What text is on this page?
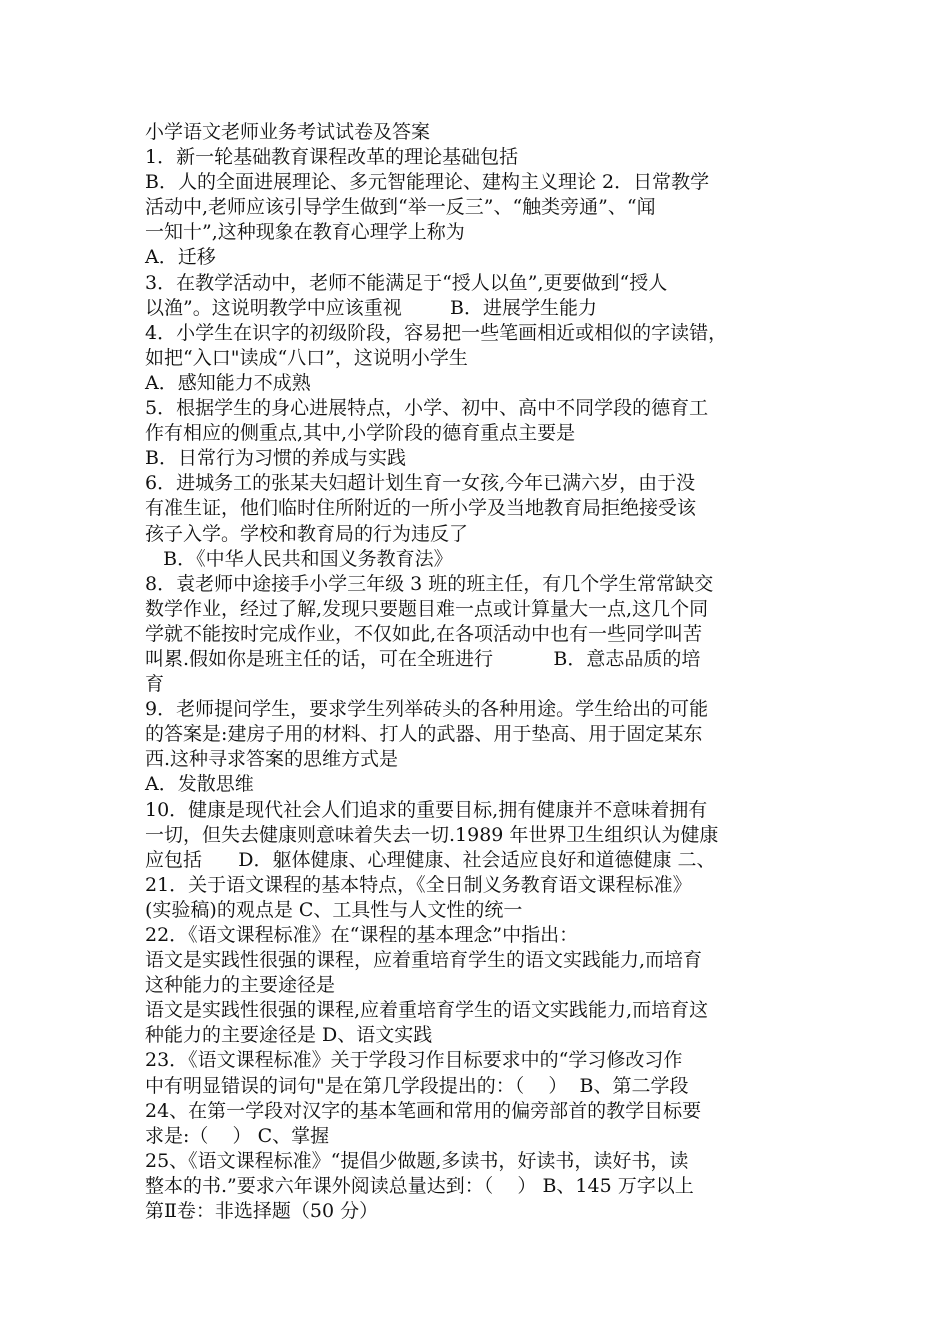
小学语文老师业务考试试卷及答案
1．新一轮基础教育课程改革的理论基础包括
B．人的全面进展理论、多元智能理论、建构主义理论 2．日常教学
活动中,老师应该引导学生做到“举一反三”、“触类旁通”、“闻
一知十”,这种现象在教育心理学上称为
A．迁移
3．在教学活动中，老师不能满足于“授人以鱼”,更要做到“授人
以渔”。这说明教学中应该重视        B．进展学生能力
4．小学生在识字的初级阶段，容易把一些笔画相近或相似的字读错，
如把“入口"读成“八口”，这说明小学生
A．感知能力不成熟
5．根据学生的身心进展特点，小学、初中、高中不同学段的德育工
作有相应的侧重点,其中,小学阶段的德育重点主要是
B．日常行为习惯的养成与实践
6．进城务工的张某夫妇超计划生育一女孩,今年已满六岁，由于没
有准生证，他们临时住所附近的一所小学及当地教育局拒绝接受该
孩子入学。学校和教育局的行为违反了
B．《中华人民共和国义务教育法》
8．袁老师中途接手小学三年级 3 班的班主任，有几个学生常常缺交
数学作业，经过了解,发现只要题目难一点或计算量大一点,这几个同
学就不能按时完成作业，不仅如此,在各项活动中也有一些同学叫苦
叫累.假如你是班主任的话，可在全班进行          B．意志品质的培
育
9．老师提问学生，要求学生列举砖头的各种用途。学生给出的可能
的答案是:建房子用的材料、打人的武器、用于垫高、用于固定某东
西.这种寻求答案的思维方式是
A．发散思维
10．健康是现代社会人们追求的重要目标,拥有健康并不意味着拥有
一切，但失去健康则意味着失去一切.1989 年世界卫生组织认为健康
应包括      D．躯体健康、心理健康、社会适应良好和道德健康 二、
21．关于语文课程的基本特点，《全日制义务教育语文课程标准》
(实验稿)的观点是 C、工具性与人文性的统一
22．《语文课程标准》在“课程的基本理念”中指出：
语文是实践性很强的课程，应着重培育学生的语文实践能力,而培育
这种能力的主要途径是
语文是实践性很强的课程,应着重培育学生的语文实践能力,而培育这
种能力的主要途径是 D、语文实践
23．《语文课程标准》关于学段习作目标要求中的“学习修改习作
中有明显错误的词句"是在第几学段提出的：（    ）  B、第二学段
24、在第一学段对汉字的基本笔画和常用的偏旁部首的教学目标要
求是:（    ） C、掌握
25、《语文课程标准》“提倡少做题,多读书，好读书，读好书，读
整本的书.”要求六年课外阅读总量达到：（    ） B、145 万字以上
第Ⅱ卷：非选择题（50 分）
